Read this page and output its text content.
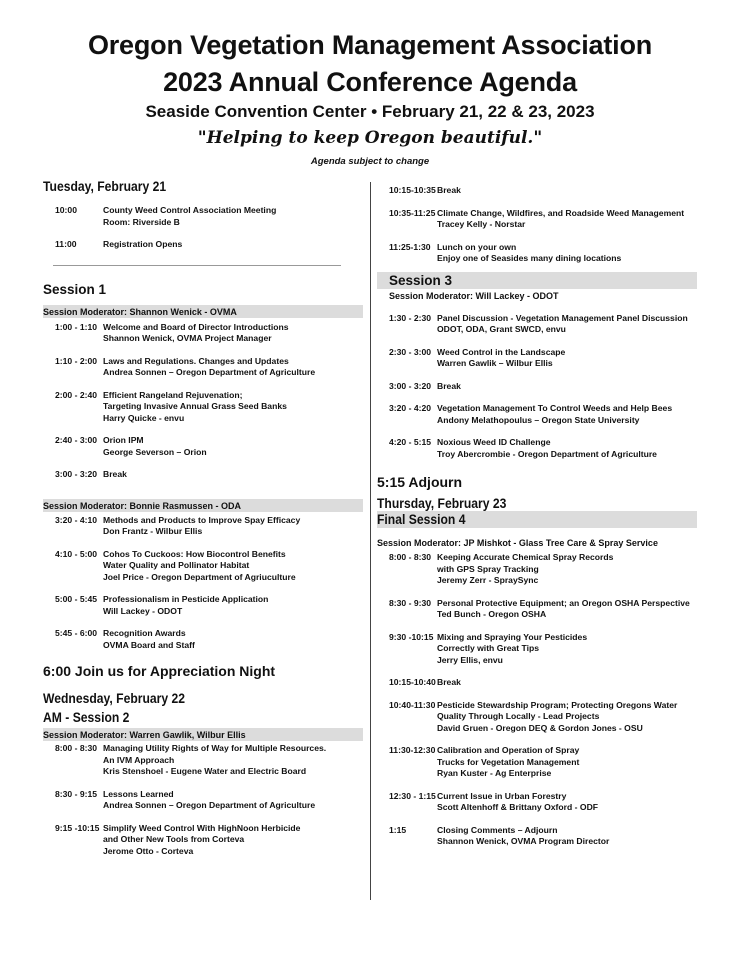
Oregon Vegetation Management Association
2023 Annual Conference Agenda
Seaside Convention Center • February 21, 22 & 23, 2023
"Helping to keep Oregon beautiful."
Agenda subject to change
Tuesday, February 21
10:00	County Weed Control Association Meeting
Room: Riverside B
11:00	Registration Opens
Session 1
Session Moderator: Shannon Wenick - OVMA
1:00 - 1:10 Welcome and Board of Director Introductions
Shannon Wenick, OVMA Project Manager
1:10 - 2:00 Laws and Regulations. Changes and Updates
Andrea Sonnen – Oregon Department of Agriculture
2:00 - 2:40 Efficient Rangeland Rejuvenation;
Targeting Invasive Annual Grass Seed Banks
Harry Quicke - envu
2:40 - 3:00 Orion IPM
George Severson – Orion
3:00 - 3:20 Break
Session Moderator: Bonnie Rasmussen - ODA
3:20 - 4:10 Methods and Products to Improve Spay Efficacy
Don Frantz - Wilbur Ellis
4:10 - 5:00 Cohos To Cuckoos: How Biocontrol Benefits
Water Quality and Pollinator Habitat
Joel Price - Oregon Department of Agriuculture
5:00 - 5:45 Professionalism in Pesticide Application
Will Lackey - ODOT
5:45 - 6:00 Recognition Awards
OVMA Board and Staff
6:00 Join us for Appreciation Night
Wednesday, February 22
AM - Session 2
Session Moderator: Warren Gawlik, Wilbur Ellis
8:00 - 8:30 Managing Utility Rights of Way for Multiple Resources.
An IVM Approach
Kris Stenshoel - Eugene Water and Electric Board
8:30 - 9:15 Lessons Learned
Andrea Sonnen – Oregon Department of Agriculture
9:15 -10:15 Simplify Weed Control With HighNoon Herbicide
and Other New Tools from Corteva
Jerome Otto - Corteva
10:15-10:35 Break
10:35-11:25 Climate Change, Wildfires, and Roadside Weed Management
Tracey Kelly - Norstar
11:25-1:30 Lunch on your own
Enjoy one of Seasides many dining locations
Session 3
Session Moderator: Will Lackey - ODOT
1:30 - 2:30 Panel Discussion - Vegetation Management Panel Discussion
ODOT, ODA, Grant SWCD, envu
2:30 - 3:00 Weed Control in the Landscape
Warren Gawlik – Wilbur Ellis
3:00 - 3:20 Break
3:20 - 4:20 Vegetation Management To Control Weeds and Help Bees
Andony Melathopoulus – Oregon State University
4:20 - 5:15 Noxious Weed ID Challenge
Troy Abercrombie - Oregon Department of Agriculture
5:15 Adjourn
Thursday, February 23
Final Session 4
Session Moderator: JP Mishkot - Glass Tree Care & Spray Service
8:00 - 8:30 Keeping Accurate Chemical Spray Records
with GPS Spray Tracking
Jeremy Zerr - SpraySync
8:30 - 9:30 Personal Protective Equipment; an Oregon OSHA Perspective
Ted Bunch - Oregon OSHA
9:30 -10:15 Mixing and Spraying Your Pesticides
Correctly with Great Tips
Jerry Ellis, envu
10:15-10:40 Break
10:40-11:30 Pesticide Stewardship Program; Protecting Oregons Water
Quality Through Locally - Lead Projects
David Gruen - Oregon DEQ & Gordon Jones - OSU
11:30-12:30 Calibration and Operation of Spray
Trucks for Vegetation Management
Ryan Kuster - Ag Enterprise
12:30 - 1:15 Current Issue in Urban Forestry
Scott Altenhoff & Brittany Oxford - ODF
1:15	Closing Comments – Adjourn
Shannon Wenick, OVMA Program Director
